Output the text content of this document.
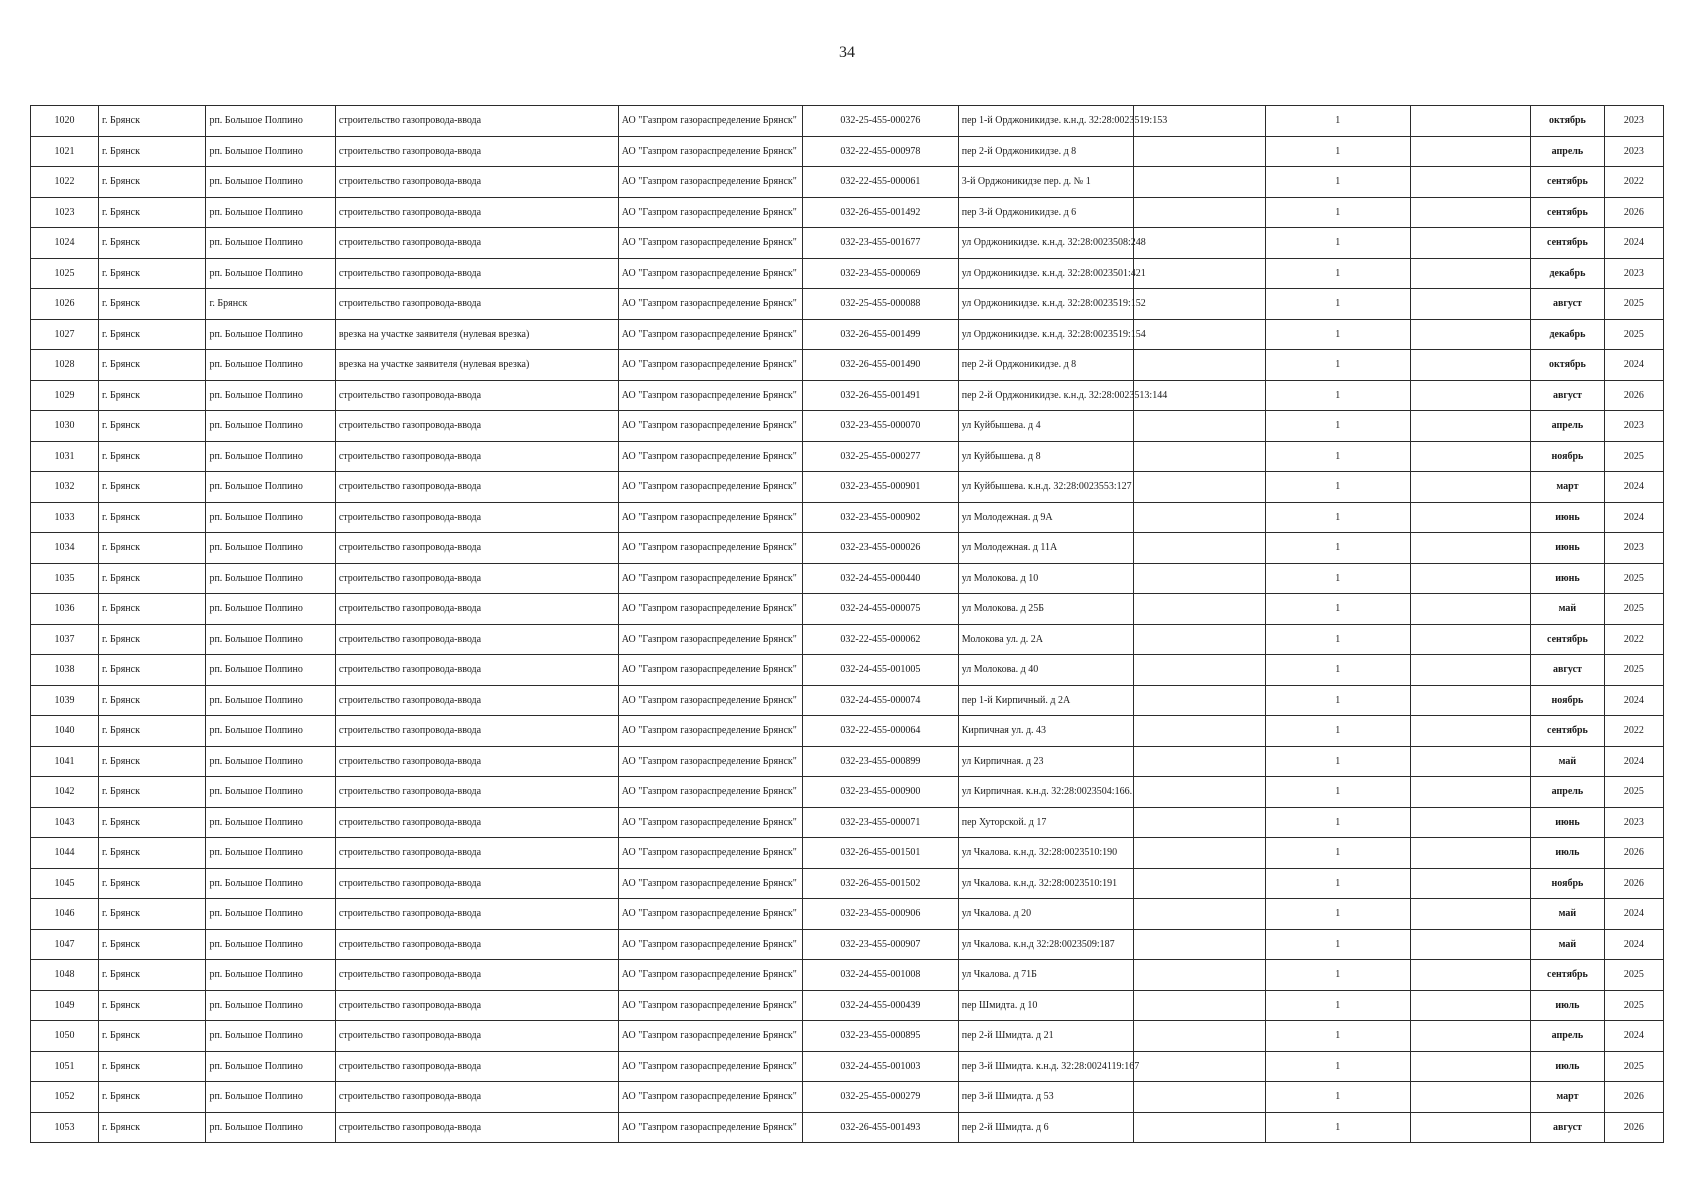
34
1020	г. Брянск	рп. Большое Полпино	строительство газопровода-ввода	АО "Газпром газораспределение Брянск"	032-25-455-000276	пер 1-й Орджоникидзе. к.н.д. 32:28:0023519:153		1		октябрь	2023
1021	г. Брянск	рп. Большое Полпино	строительство газопровода-ввода	АО "Газпром газораспределение Брянск"	032-22-455-000978	пер 2-й Орджоникидзе. д 8		1		апрель	2023
1022	г. Брянск	рп. Большое Полпино	строительство газопровода-ввода	АО "Газпром газораспределение Брянск"	032-22-455-000061	3-й Орджоникидзе пер. д. № 1		1		сентябрь	2022
1023	г. Брянск	рп. Большое Полпино	строительство газопровода-ввода	АО "Газпром газораспределение Брянск"	032-26-455-001492	пер 3-й Орджоникидзе. д 6		1		сентябрь	2026
1024	г. Брянск	рп. Большое Полпино	строительство газопровода-ввода	АО "Газпром газораспределение Брянск"	032-23-455-001677	ул Орджоникидзе. к.н.д. 32:28:0023508:248		1		сентябрь	2024
1025	г. Брянск	рп. Большое Полпино	строительство газопровода-ввода	АО "Газпром газораспределение Брянск"	032-23-455-000069	ул Орджоникидзе. к.н.д. 32:28:0023501:421		1		декабрь	2023
1026	г. Брянск	г. Брянск	строительство газопровода-ввода	АО "Газпром газораспределение Брянск"	032-25-455-000088	ул Орджоникидзе. к.н.д. 32:28:0023519:152		1		август	2025
1027	г. Брянск	рп. Большое Полпино	врезка на участке заявителя (нулевая врезка)	АО "Газпром газораспределение Брянск"	032-26-455-001499	ул Орджоникидзе. к.н.д. 32:28:0023519:154		1		декабрь	2025
1028	г. Брянск	рп. Большое Полпино	врезка на участке заявителя (нулевая врезка)	АО "Газпром газораспределение Брянск"	032-26-455-001490	пер 2-й Орджоникидзе. д 8		1		октябрь	2024
1029	г. Брянск	рп. Большое Полпино	строительство газопровода-ввода	АО "Газпром газораспределение Брянск"	032-26-455-001491	пер 2-й Орджоникидзе. к.н.д. 32:28:0023513:144		1		август	2026
1030	г. Брянск	рп. Большое Полпино	строительство газопровода-ввода	АО "Газпром газораспределение Брянск"	032-23-455-000070	ул Куйбышева. д 4		1		апрель	2023
1031	г. Брянск	рп. Большое Полпино	строительство газопровода-ввода	АО "Газпром газораспределение Брянск"	032-25-455-000277	ул Куйбышева. д 8		1		ноябрь	2025
1032	г. Брянск	рп. Большое Полпино	строительство газопровода-ввода	АО "Газпром газораспределение Брянск"	032-23-455-000901	ул Куйбышева. к.н.д. 32:28:0023553:127		1		март	2024
1033	г. Брянск	рп. Большое Полпино	строительство газопровода-ввода	АО "Газпром газораспределение Брянск"	032-23-455-000902	ул Молодежная. д 9А		1		июнь	2024
1034	г. Брянск	рп. Большое Полпино	строительство газопровода-ввода	АО "Газпром газораспределение Брянск"	032-23-455-000026	ул Молодежная. д 11А		1		июнь	2023
1035	г. Брянск	рп. Большое Полпино	строительство газопровода-ввода	АО "Газпром газораспределение Брянск"	032-24-455-000440	ул Молокова. д 10		1		июнь	2025
1036	г. Брянск	рп. Большое Полпино	строительство газопровода-ввода	АО "Газпром газораспределение Брянск"	032-24-455-000075	ул Молокова. д 25Б		1		май	2025
1037	г. Брянск	рп. Большое Полпино	строительство газопровода-ввода	АО "Газпром газораспределение Брянск"	032-22-455-000062	Молокова ул. д. 2А		1		сентябрь	2022
1038	г. Брянск	рп. Большое Полпино	строительство газопровода-ввода	АО "Газпром газораспределение Брянск"	032-24-455-001005	ул Молокова. д 40		1		август	2025
1039	г. Брянск	рп. Большое Полпино	строительство газопровода-ввода	АО "Газпром газораспределение Брянск"	032-24-455-000074	пер 1-й Кирпичный. д 2А		1		ноябрь	2024
1040	г. Брянск	рп. Большое Полпино	строительство газопровода-ввода	АО "Газпром газораспределение Брянск"	032-22-455-000064	Кирпичная ул. д. 43		1		сентябрь	2022
1041	г. Брянск	рп. Большое Полпино	строительство газопровода-ввода	АО "Газпром газораспределение Брянск"	032-23-455-000899	ул Кирпичная. д 23		1		май	2024
1042	г. Брянск	рп. Большое Полпино	строительство газопровода-ввода	АО "Газпром газораспределение Брянск"	032-23-455-000900	ул Кирпичная. к.н.д. 32:28:0023504:166.		1		апрель	2025
1043	г. Брянск	рп. Большое Полпино	строительство газопровода-ввода	АО "Газпром газораспределение Брянск"	032-23-455-000071	пер Хуторской. д 17		1		июнь	2023
1044	г. Брянск	рп. Большое Полпино	строительство газопровода-ввода	АО "Газпром газораспределение Брянск"	032-26-455-001501	ул Чкалова. к.н.д. 32:28:0023510:190		1		июль	2026
1045	г. Брянск	рп. Большое Полпино	строительство газопровода-ввода	АО "Газпром газораспределение Брянск"	032-26-455-001502	ул Чкалова. к.н.д. 32:28:0023510:191		1		ноябрь	2026
1046	г. Брянск	рп. Большое Полпино	строительство газопровода-ввода	АО "Газпром газораспределение Брянск"	032-23-455-000906	ул Чкалова. д 20		1		май	2024
1047	г. Брянск	рп. Большое Полпино	строительство газопровода-ввода	АО "Газпром газораспределение Брянск"	032-23-455-000907	ул Чкалова. к.н.д 32:28:0023509:187		1		май	2024
1048	г. Брянск	рп. Большое Полпино	строительство газопровода-ввода	АО "Газпром газораспределение Брянск"	032-24-455-001008	ул Чкалова. д 71Б		1		сентябрь	2025
1049	г. Брянск	рп. Большое Полпино	строительство газопровода-ввода	АО "Газпром газораспределение Брянск"	032-24-455-000439	пер Шмидта. д 10		1		июль	2025
1050	г. Брянск	рп. Большое Полпино	строительство газопровода-ввода	АО "Газпром газораспределение Брянск"	032-23-455-000895	пер 2-й Шмидта. д 21		1		апрель	2024
1051	г. Брянск	рп. Большое Полпино	строительство газопровода-ввода	АО "Газпром газораспределение Брянск"	032-24-455-001003	пер 3-й Шмидта. к.н.д. 32:28:0024119:167		1		июль	2025
1052	г. Брянск	рп. Большое Полпино	строительство газопровода-ввода	АО "Газпром газораспределение Брянск"	032-25-455-000279	пер 3-й Шмидта. д 53		1		март	2026
1053	г. Брянск	рп. Большое Полпино	строительство газопровода-ввода	АО "Газпром газораспределение Брянск"	032-26-455-001493	пер 2-й Шмидта. д 6		1		август	2026
